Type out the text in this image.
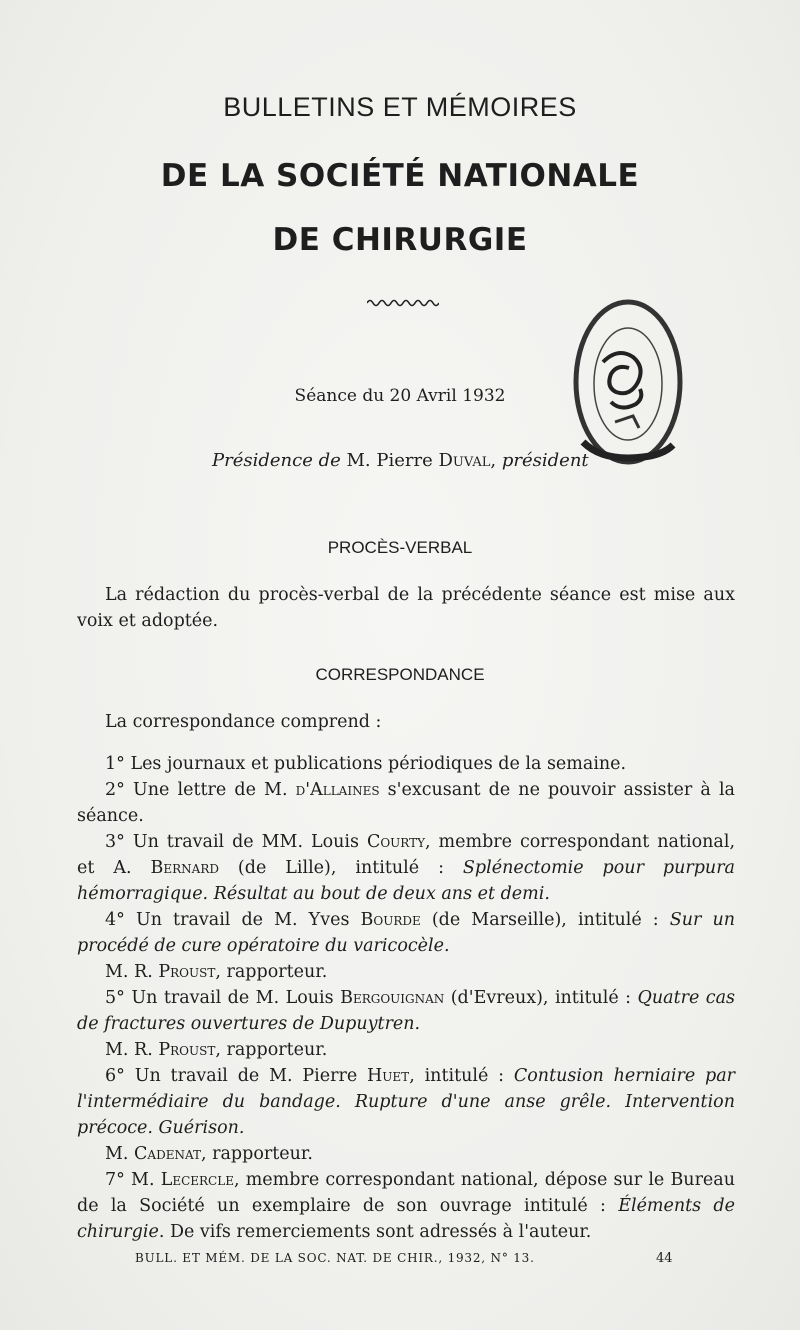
BULLETINS ET MÉMOIRES
DE LA SOCIÉTÉ NATIONALE
DE CHIRURGIE
Séance du 20 Avril 1932
Présidence de M. Pierre Duval, président
PROCÈS-VERBAL

La rédaction du procès-verbal de la précédente séance est mise aux voix et adoptée.

CORRESPONDANCE

La correspondance comprend :

1° Les journaux et publications périodiques de la semaine.

2° Une lettre de M. d'Allaines s'excusant de ne pouvoir assister à la séance.

3° Un travail de MM. Louis Courty, membre correspondant national, et A. Bernard (de Lille), intitulé : Splénectomie pour purpura hémorragique. Résultat au bout de deux ans et demi.

4° Un travail de M. Yves Bourde (de Marseille), intitulé : Sur un procédé de cure opératoire du varicocèle.

M. R. Proust, rapporteur.

5° Un travail de M. Louis Bergouignan (d'Evreux), intitulé : Quatre cas de fractures ouvertures de Dupuytren.

M. R. Proust, rapporteur.

6° Un travail de M. Pierre Huet, intitulé : Contusion herniaire par l'intermédiaire du bandage. Rupture d'une anse grêle. Intervention précoce. Guérison.

M. Cadenat, rapporteur.

7° M. Lecercle, membre correspondant national, dépose sur le Bureau de la Société un exemplaire de son ouvrage intitulé : Éléments de chirurgie. De vifs remerciements sont adressés à l'auteur.

BULL. ET MÉM. DE LA SOC. NAT. DE CHIR., 1932, N° 13.	44
